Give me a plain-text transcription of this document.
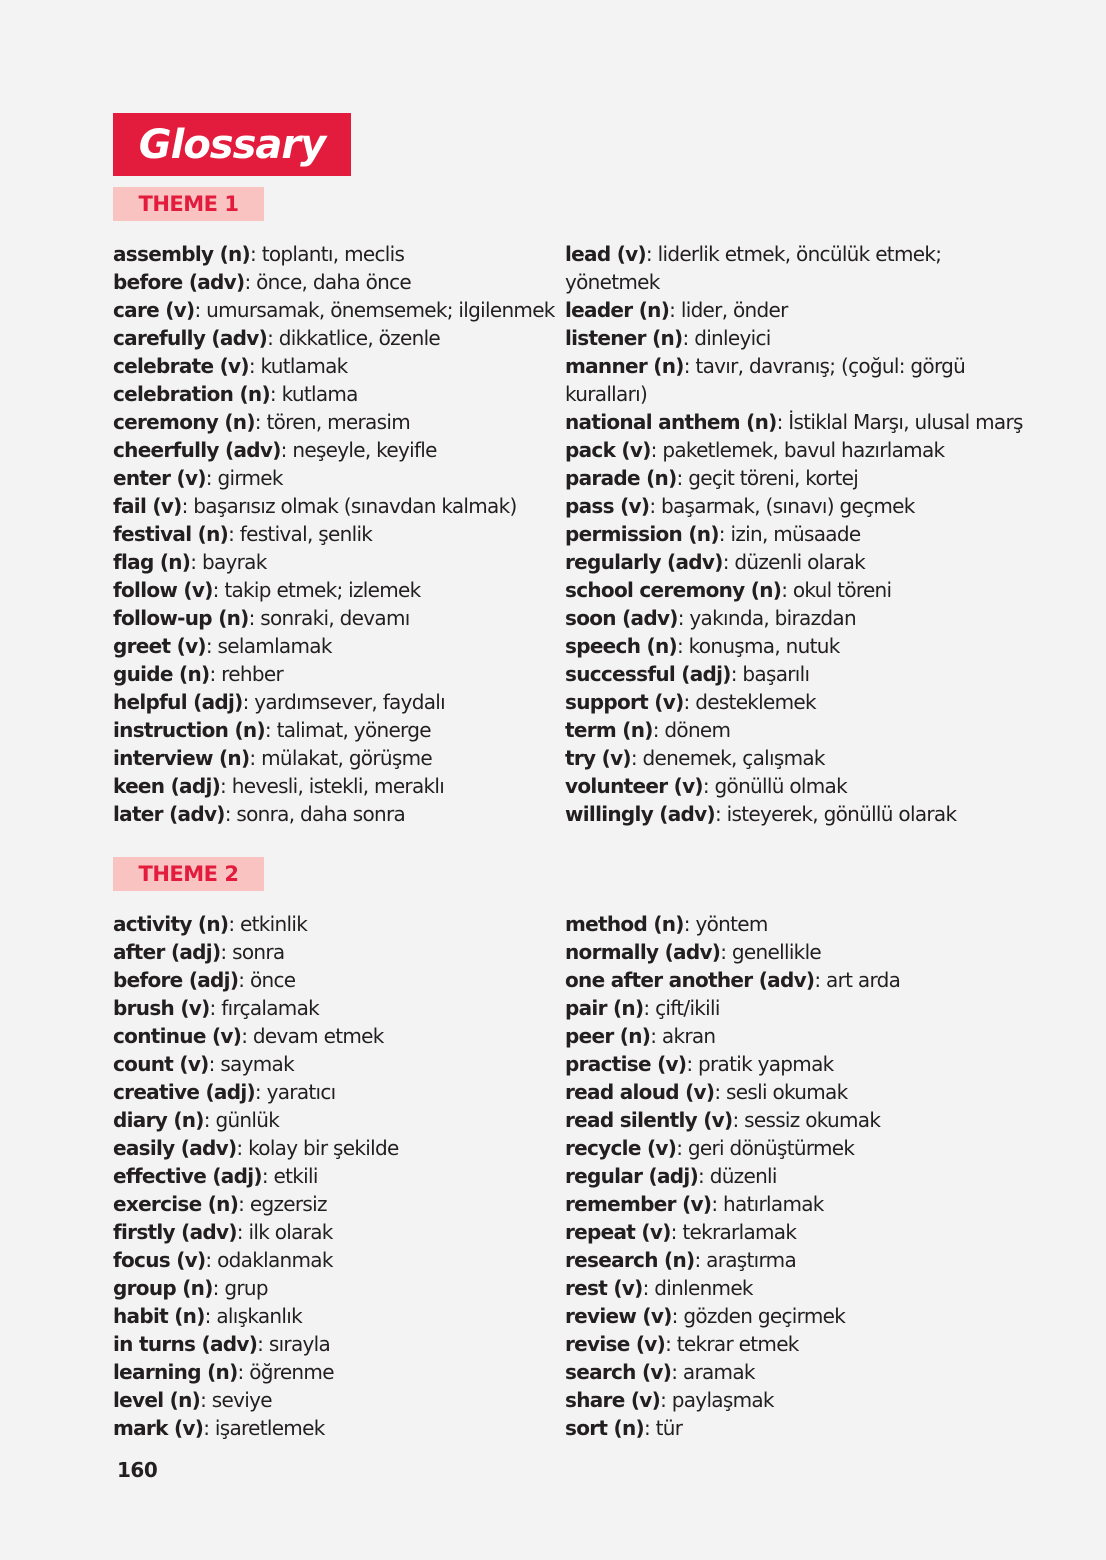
Glossary
THEME 1
assembly (n): toplantı, meclis
before (adv): önce, daha önce
care (v): umursamak, önemsemek; ilgilenmek
carefully (adv): dikkatlice, özenle
celebrate (v): kutlamak
celebration (n): kutlama
ceremony (n): tören, merasim
cheerfully (adv): neşeyle, keyifle
enter (v): girmek
fail (v): başarısız olmak (sınavdan kalmak)
festival (n): festival, şenlik
flag (n): bayrak
follow (v): takip etmek; izlemek
follow-up (n): sonraki, devamı
greet (v): selamlamak
guide (n): rehber
helpful (adj): yardımsever, faydalı
instruction (n): talimat, yönerge
interview (n): mülakat, görüşme
keen (adj): hevesli, istekli, meraklı
later (adv): sonra, daha sonra
lead (v): liderlik etmek, öncülük etmek; yönetmek
leader (n): lider, önder
listener (n): dinleyici
manner (n): tavır, davranış; (çoğul: görgü kuralları)
national anthem (n): İstiklal Marşı, ulusal marş
pack (v): paketlemek, bavul hazırlamak
parade (n): geçit töreni, kortej
pass (v): başarmak, (sınavı) geçmek
permission (n): izin, müsaade
regularly (adv): düzenli olarak
school ceremony (n): okul töreni
soon (adv): yakında, birazdan
speech (n): konuşma, nutuk
successful (adj): başarılı
support (v): desteklemek
term (n): dönem
try (v): denemek, çalışmak
volunteer (v): gönüllü olmak
willingly (adv): isteyerek, gönüllü olarak
THEME 2
activity (n): etkinlik
after (adj): sonra
before (adj): önce
brush (v): fırçalamak
continue (v): devam etmek
count (v): saymak
creative (adj): yaratıcı
diary (n): günlük
easily (adv): kolay bir şekilde
effective (adj): etkili
exercise (n): egzersiz
firstly (adv): ilk olarak
focus (v): odaklanmak
group (n): grup
habit (n): alışkanlık
in turns (adv): sırayla
learning (n): öğrenme
level (n): seviye
mark (v): işaretlemek
method (n): yöntem
normally (adv): genellikle
one after another (adv): art arda
pair (n): çift/ikili
peer (n): akran
practise (v): pratik yapmak
read aloud (v): sesli okumak
read silently (v): sessiz okumak
recycle (v): geri dönüştürmek
regular (adj): düzenli
remember (v): hatırlamak
repeat (v): tekrarlamak
research (n): araştırma
rest (v): dinlenmek
review (v): gözden geçirmek
revise (v): tekrar etmek
search (v): aramak
share (v): paylaşmak
sort (n): tür
160
